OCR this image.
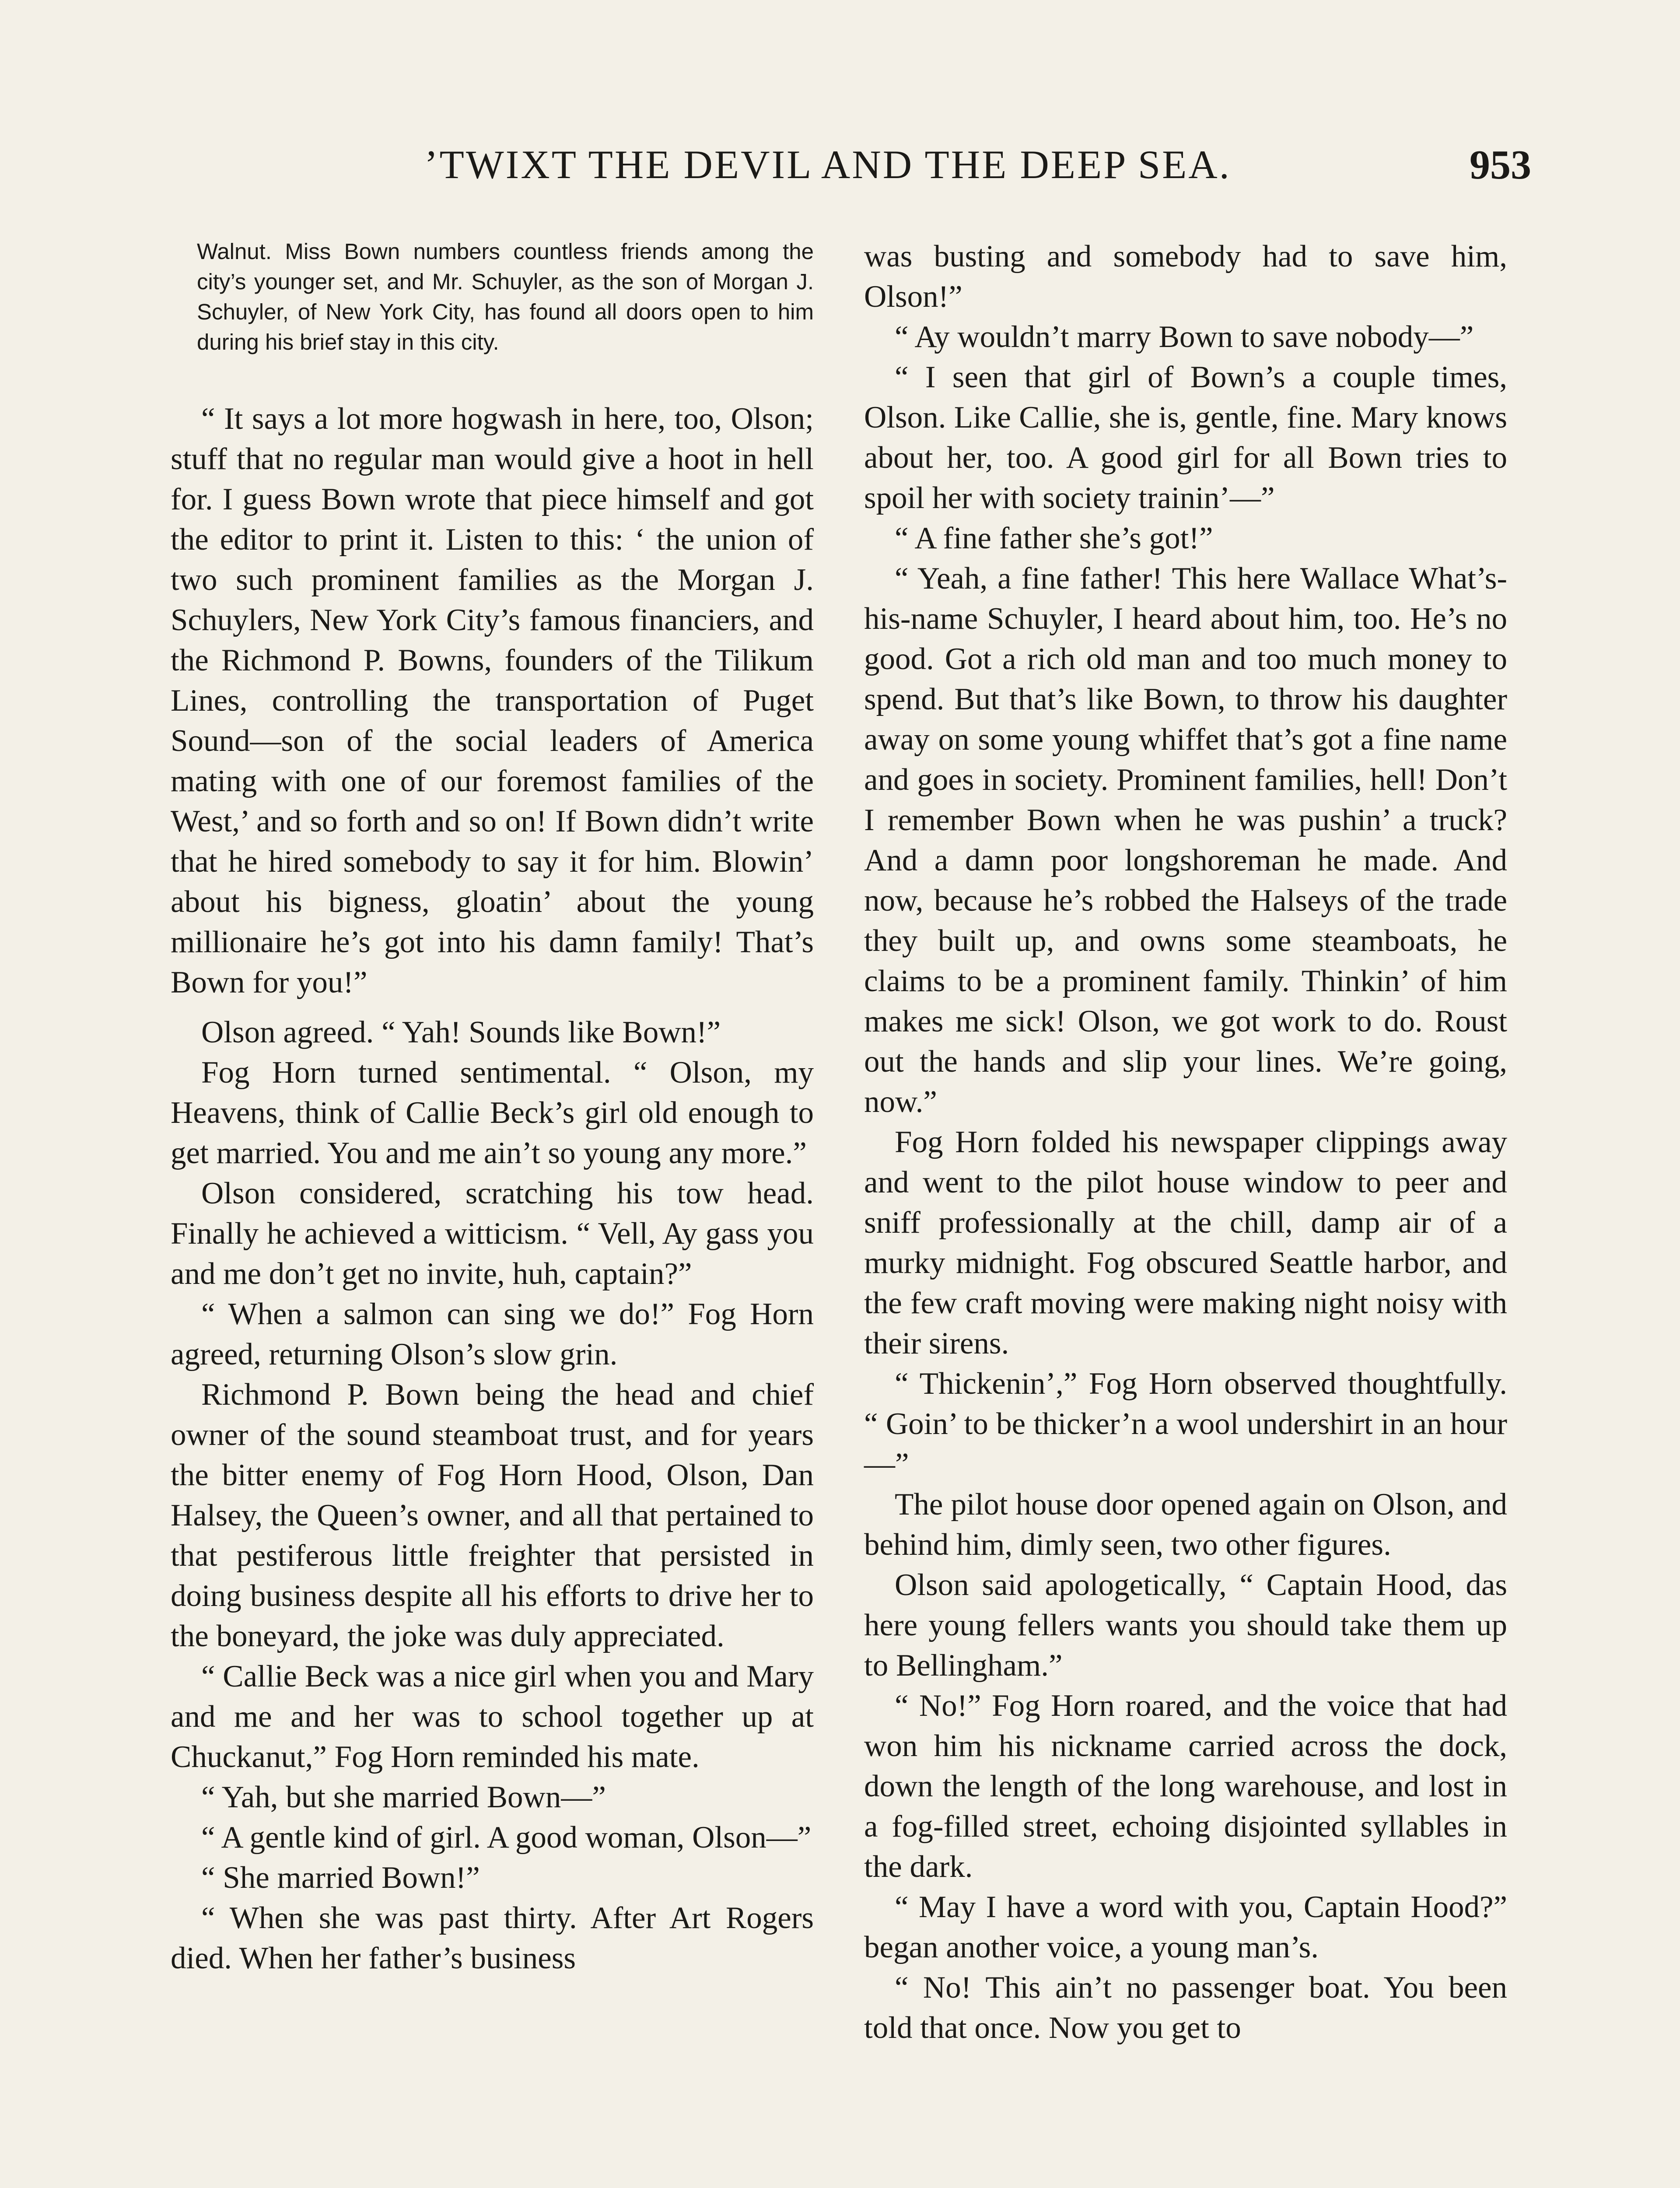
’TWIXT THE DEVIL AND THE DEEP SEA.	953
Walnut. Miss Bown numbers countless friends among the city’s younger set, and Mr. Schuyler, as the son of Morgan J. Schuyler, of New York City, has found all doors open to him during his brief stay in this city.

“ It says a lot more hogwash in here, too, Olson; stuff that no regular man would give a hoot in hell for. I guess Bown wrote that piece himself and got the editor to print it. Listen to this: ‘ the union of two such prominent families as the Morgan J. Schuylers, New York City’s famous financiers, and the Richmond P. Bowns, founders of the Tilikum Lines, controlling the transportation of Puget Sound—son of the social leaders of America mating with one of our foremost families of the West,’ and so forth and so on! If Bown didn’t write that he hired somebody to say it for him. Blowin’ about his bigness, gloatin’ about the young millionaire he’s got into his damn family! That’s Bown for you!”

Olson agreed. “ Yah! Sounds like Bown!”

Fog Horn turned sentimental. “ Olson, my Heavens, think of Callie Beck’s girl old enough to get married. You and me ain’t so young any more.”

Olson considered, scratching his tow head. Finally he achieved a witticism. “ Vell, Ay gass you and me don’t get no invite, huh, captain?”

“ When a salmon can sing we do!” Fog Horn agreed, returning Olson’s slow grin.

Richmond P. Bown being the head and chief owner of the sound steamboat trust, and for years the bitter enemy of Fog Horn Hood, Olson, Dan Halsey, the Queen’s owner, and all that pertained to that pestiferous little freighter that persisted in doing business despite all his efforts to drive her to the boneyard, the joke was duly appreciated.

“ Callie Beck was a nice girl when you and Mary and me and her was to school together up at Chuckanut,” Fog Horn reminded his mate.

“ Yah, but she married Bown—”

“ A gentle kind of girl. A good woman, Olson—”

“ She married Bown!”

“ When she was past thirty. After Art Rogers died. When her father’s business

was busting and somebody had to save him, Olson!”

“ Ay wouldn’t marry Bown to save nobody—”

“ I seen that girl of Bown’s a couple times, Olson. Like Callie, she is, gentle, fine. Mary knows about her, too. A good girl for all Bown tries to spoil her with society trainin’—”

“ A fine father she’s got!”

“ Yeah, a fine father! This here Wallace What’s-his-name Schuyler, I heard about him, too. He’s no good. Got a rich old man and too much money to spend. But that’s like Bown, to throw his daughter away on some young whiffet that’s got a fine name and goes in society. Prominent families, hell! Don’t I remember Bown when he was pushin’ a truck? And a damn poor longshoreman he made. And now, because he’s robbed the Halseys of the trade they built up, and owns some steamboats, he claims to be a prominent family. Thinkin’ of him makes me sick! Olson, we got work to do. Roust out the hands and slip your lines. We’re going, now.”

Fog Horn folded his newspaper clippings away and went to the pilot house window to peer and sniff professionally at the chill, damp air of a murky midnight. Fog obscured Seattle harbor, and the few craft moving were making night noisy with their sirens.

“ Thickenin’,” Fog Horn observed thoughtfully. “ Goin’ to be thicker’n a wool undershirt in an hour—”

The pilot house door opened again on Olson, and behind him, dimly seen, two other figures.

Olson said apologetically, “ Captain Hood, das here young fellers wants you should take them up to Bellingham.”

“ No!” Fog Horn roared, and the voice that had won him his nickname carried across the dock, down the length of the long warehouse, and lost in a fog-filled street, echoing disjointed syllables in the dark.

“ May I have a word with you, Captain Hood?” began another voice, a young man’s.

“ No! This ain’t no passenger boat. You been told that once. Now you get to
